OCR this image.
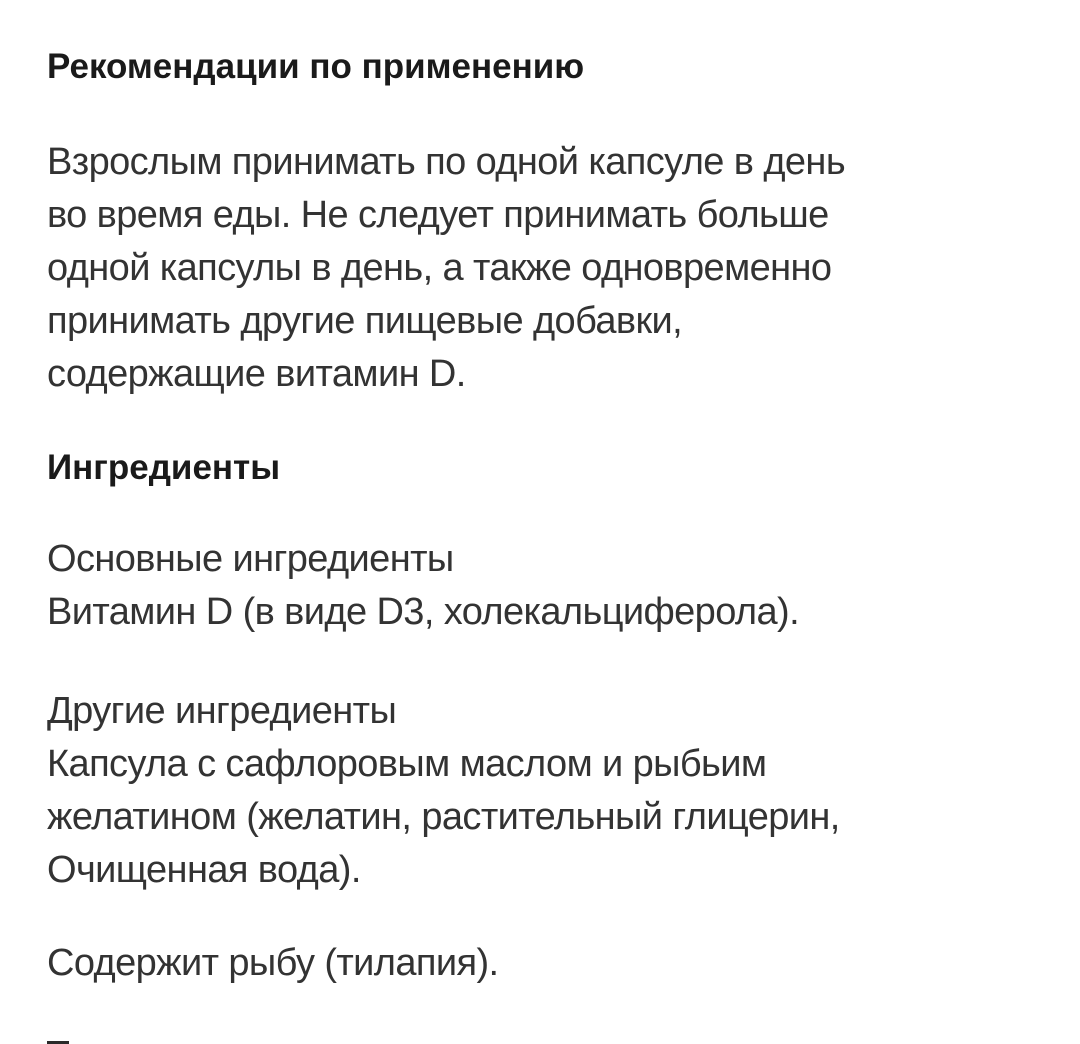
Рекомендации по применению

Взрослым принимать по одной капсуле в день
во время еды. Не следует принимать больше
одной капсулы в день, а также одновременно
принимать другие пищевые добавки,
содержащие витамин D.

Ингредиенты

Основные ингредиенты
Витамин D (в виде D3, холекальциферола).

Другие ингредиенты
Капсула с сафлоровым маслом и рыбьим
желатином (желатин, растительный глицерин,
Очищенная вода).

Содержит рыбу (тилапия).
